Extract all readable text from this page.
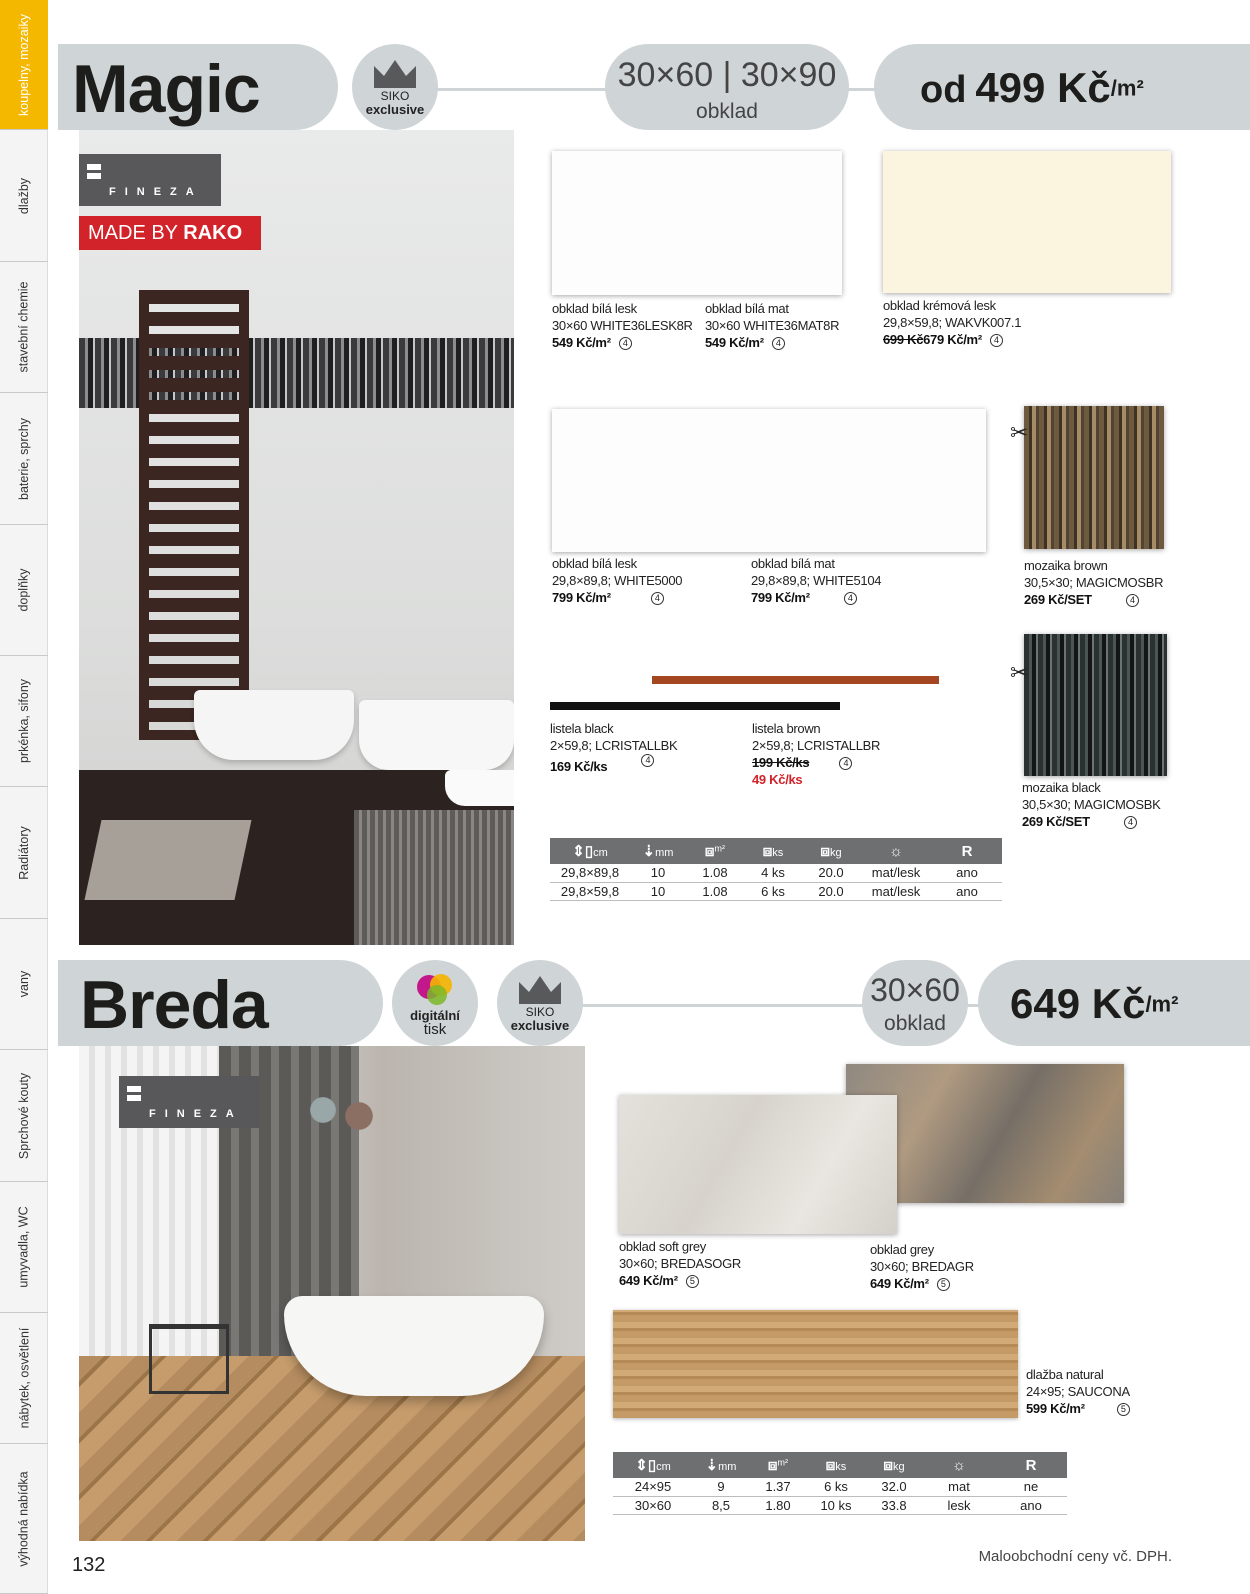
koupelny, mozaiky
dlažby
stavební chemie
baterie, sprchy
doplňky
prkénka, sifony
Radiátory
vany
Sprchové kouty
umyvadla, WC
nábytek, osvětlení
výhodná nabídka
Magic	SIKO
exclusive
30×60 | 30×90
obklad
od 499 $Kč^{/m^2}$
FINEZA
MADE BY RAKO
obklad bílá lesk
30×60 WHITE36LESK8R
549 Kč/m² 4
obklad bílá mat
30×60 WHITE36MAT8R
549 Kč/m² 4
obklad krémová lesk
29,8×59,8; WAKVK007.1
699 Kč679 Kč/m² 4
✂
obklad bílá lesk
29,8×89,8; WHITE5000
799 Kč/m²	4
obklad bílá mat
29,8×89,8; WHITE5104
799 Kč/m²	4
mozaika brown
30,5×30; MAGICMOSBR
269 Kč/SET	4
✂
listela black
2×59,8; LCRISTALLBK
169 Kč/ks	4
listela brown
2×59,8; LCRISTALLBR
199 Kč/ks	4
49 Kč/ks
mozaika black
30,5×30; MAGICMOSBK
269 Kč/SET	4
⇕▯cm	⇣mm	⧈$^{m^2}$	⧈ks	⧈kg	☼	R
29,8×89,8	10	1.08	4 ks	20.0	mat/lesk	ano
29,8×59,8	10	1.08	6 ks	20.0	mat/lesk	ano
Breda	digitální
tisk
SIKO
exclusive
30×60
obklad	649 $Kč^{/m^2}$
FINEZA
obklad soft grey
30×60; BREDASOGR
649 Kč/m² 5
obklad grey
30×60; BREDAGR
649 Kč/m² 5
dlažba natural
24×95; SAUCONA
599 Kč/m²	5
⇕▯cm	⇣mm	⧈$^{m^2}$	⧈ks	⧈kg	☼	R
24×95	9	1.37	6 ks	32.0	mat	ne
30×60	8,5	1.80	10 ks	33.8	lesk	ano
132	Maloobchodní ceny vč. DPH.
